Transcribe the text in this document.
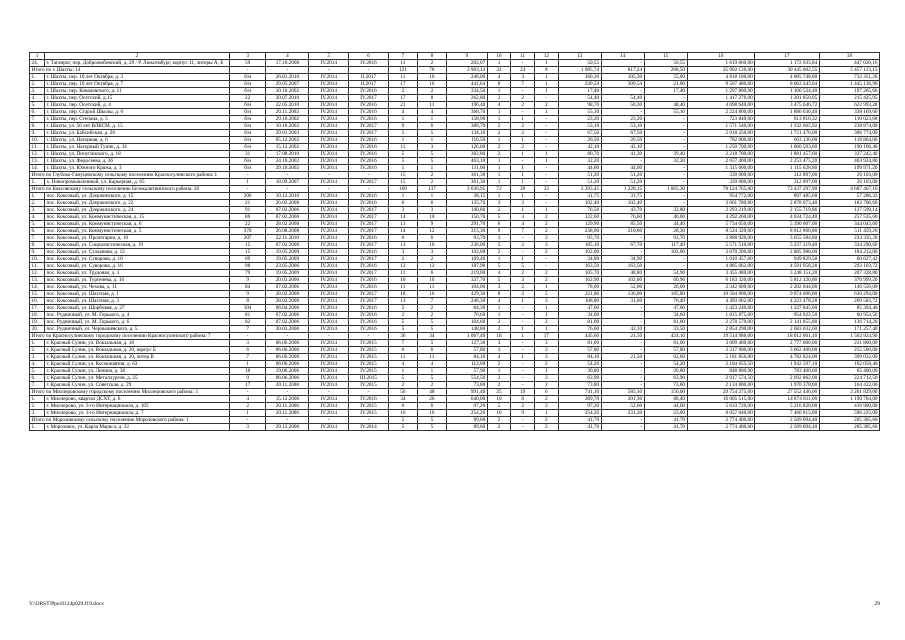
1	2	3	4	5	6	7	8	9	10	11	12	13	14	15	16	17	18
24.	г. Таганрог, пер. Добролюбовский, д. 29 / Р. Люксембург, корпус 11, литеры А, Б	59	17.10.2008	IV.2014	IV.2016	11	2	202,07	1	-	1	50,55	-	50,55	1 619 660,00	1 172 633,84	447 026,16
Итого по г. Шахты: 14		-	-	-	-	121	78	3 903,14	32	24	8	1 085,74	817,24	268,50	35 902 126,00	30 445 002,55	5 457 123,15
1.	г. Шахты, пер. 10 лет Октября, д. 3	б/н	26.01.2010	IV.2014	II.2017	11	10	246,00	4	3	1	160,30	105,30	55,00	4 818 100,00	4 085 748,80	732 351,20
2.	г. Шахты, пер. 10 лет Октября, д. 7	б/н	29.05.2007	IV.2014	II.2017	17	16	441,64	8	7	1	330,54	309,54	21,00	9 507 480,00	8 062 343,04	1 445 136,96
3.	г. Шахты, пер. Ковалевского, д. 11	б/н	10.10.2002	IV.2014	IV.2016	2	2	334,50	1	-	1	17,40	-	17,40	1 297 800,00	1 100 534,40	197 265,60
4.	г. Шахты, пер. Осетский, д.15	22	20.07.2010	IV.2014	IV.2017	17	8	262,80	2	2	-	54,40	54,40	-	1 417 276,00	1 201 850,05	215 425,95
5.	г. Шахты, пер. Осетский, д. 4	б/н	22.05.2010	IV.2014	IV.2016	21	11	196,40	4	2	2	98,70	50,30	48,40	4 098 640,00	3 475 646,72	622 993,28
6.	г. Шахты, пер. Старой Школы, д. 6	б/н	20.11.2002	IV.2014	IV.2016	4	4	368,70	1	-	1	55,10	-	55,10	2 224 800,00	1 886 630,40	338 169,60
7.	г. Шахты, пер. Степана, д. 5	б/н	29.10.2002	IV.2014	IV.2016	1	1	158,90	1	1	-	23,20	23,20	-	723 840,00	613 816,32	110 023,68
8.	г. Шахты, ул. 50 лет ВЛКСМ, д. 15	б/н	10.10.2002	IV.2014	IV.2017	9	6	388,70	2	2	-	53,10	53,10	-	1 571 540,00	1 332 665,92	238 874,08
9.	г. Шахты, ул. Байсийская, д. 28	б/н	29.01.2003	IV.2014	IV.2017	5	5	134,10	2	2	-	67,50	67,50	-	2 018 250,00	1 711 476,00	306 774,00
10.	г. Шахты, ул. Нагорная, д. 6	б/н	05.12.2002	IV.2014	IV.2016	1	1	110,50	1	1	-	26,50	26,50	-	782 000,00	663 136,00	118 864,00
11.	г. Шахты, ул. Нагорный Тупик, д. 34	б/н	15.12.2002	IV.2014	IV.2016	11	3	126,00	2	2	-	42,10	42,10	-	1 250 700,00	1 060 593,60	190 106,40
12.	г. Шахты, ул. Пичугинского, д. 18	31	17.08.2010	IV.2014	IV.2016	5	5	382,80	2	1	1	80,70	41,30	39,40	2 218 700,00	1 881 457,60	337 242,40
13.	г. Шахты, ул. Федосеева, д. 36	б/н	24.10.2002	IV.2014	IV.2016	5	5	463,10	1	-	1	32,20	-	32,20	2 657 400,00	2 253 475,20	403 924,80
14.	г. Шахты, ул. Южного Кряжа, д. 3	б/н	29.10.2002	IV.2014	IV.2016	1	1	111,00	1	1	-	44,00	44,00	-	1 315 600,00	1 115 628,80	199 971,20
Итого по Глубоко-Гамуцевскому сельскому поселению Красносулинского района: 1		-	-	-	-	15	2	361,30	1	1	-	51,20	51,20	-	339 000,00	312 897,00	26 103,00
1.	х. Новопромышленный, ул. Карьерная, д. 65	1	18.09.2007	IV.2014	IV.2017	15	2	361,30	1	1	-	51,20	51,20	-	339 000,00	312 897,00	26 103,00
Итого по Коксовскому сельскому поселению Белокалитвинского района: 20		-	-	-	-	169	137	3 636,95	72	39	33	2 293,45	1 228,15	1 065,30	78 124 765,00	73 437 297,90	4 687 467,10
1.	пос. Коксовый, ул. Дзержинского, д. 15	206	10.12.2010	IV.2014	IV.2016	1	1	38,15	1	1	-	31,75	31,75	-	954 772,00	897 485,68	57 286,32
2.	пос. Коксовый, ул. Дзержинского, д. 22	21	26.02.2008	IV.2014	IV.2016	6	6	135,70	3	3	-	102,40	102,40	-	3 061 780,00	2 878 073,40	183 706,60
3.	пос. Коксовый, ул. Дзержинского, д. 24	91	07.02.2006	IV.2014	IV.2017	3	3	140,80	2	1	1	76,50	43,70	32,80	2 293 219,00	2 155 719,86	137 599,14
4.	пос. Коксовый, ул. Коммунистическая, д. 15	86	07.02.2006	IV.2014	IV.2017	14	10	150,70	5	3	2	122,60	76,60	46,00	4 292 260,00	4 034 724,40	257 535,60
5.	пос. Коксовый, ул. Коммунистическая, д. 6	22	28.02.2008	IV.2014	IV.2017	13	9	291,70	6	4	2	129,90	85,50	44,40	5 734 050,00	5 390 007,00	344 043,00
6.	пос. Коксовый, ул. Коммунистическая, д. 5	370	26.08.2008	IV.2014	IV.2017	14	12	315,30	9	7	2	238,90	210,60	28,30	8 524 320,00	8 012 860,80	511 459,20
7.	пос. Коксовый, ул. Пролетарки, д. 10	207	22.11.2010	IV.2014	IV.2016	6	6	93,70	3	-	3	93,70	-	93,70	3 888 920,00	3 655 584,80	233 335,20
8.	пос. Коксовый, ул. Социалистическая, д. 19	15	07.02.2006	IV.2014	IV.2017	13	10	236,00	5	2	3	185,10	67,70	117,40	5 571 510,00	5 237 219,40	334 290,60
9.	пос. Коксовый, ул. Стаханова, д. 12	15	19.05.2009	IV.2014	IV.2016	3	3	102,00	2	-	2	102,00	-	102,00	3 070 200,00	2 885 988,00	184 212,00
10.	пос. Коксовый, ул. Суворова, д. 10	69	19.05.2009	IV.2014	IV.2017	2	2	169,40	1	1	-	34,90	34,90	-	1 010 457,00	949 829,58	60 627,42
11.	пос. Коксовый, ул. Суворова, д. 16	98	23.05.2006	IV.2014	IV.2016	12	12	187,90	5	5	-	163,50	163,50	-	4 885 062,00	4 591 958,28	293 103,72
12.	пос. Коксовый, ул. Трудовая, д. 1	79	19.05.2009	IV.2014	IV.2017	11	6	219,00	4	2	2	105,70	48,80	54,90	3 455 480,00	3 248 151,20	207 328,80
13.	пос. Коксовый, ул. Тургенева, д. 16	9	20.03.2006	IV.2014	IV.2016	10	10	327,70	5	3	2	162,90	102,00	60,90	6 183 320,00	5 812 320,80	370 999,20
14.	пос. Коксовый, ул. Чехова, д. 11	84	07.02.2006	IV.2014	IV.2016	11	11	104,00	3	2	1	78,00	52,00	26,00	2 342 600,00	2 202 044,00	140 556,00
15.	пос. Коксовый, ул. Шахтная, д. 1	9	28.02.2008	IV.2014	IV.2017	18	16	429,30	8	3	5	321,80	136,00	185,80	10 504 900,00	9 874 606,00	630 294,00
16.	пос. Коксовый, ул. Шахтная, д. 3	8	28.02.2008	IV.2014	IV.2017	13	7	246,30	4	1	3	108,80	31,60	76,40	4 493 062,00	4 223 478,28	269 583,72
17.	пос. Коксовый, ул. Щорбовая, д. 27	104	06.04.2006	IV.2014	IV.2016	2	2	84,30	1	-	1	47,60	-	47,60	1 423 240,00	1 337 845,60	85 394,40
18.	пос. Рудничный, ул. М. Горького, д. 4	81	07.02.2006	IV.2014	IV.2016	2	2	76,60	1	-	1	34,60	-	34,60	1 015 875,00	954 922,50	60 952,50
19.	пос. Рудничный, ул. М. Горького, д. 6	82	07.02.2006	IV.2014	IV.2016	5	5	104,60	2	-	2	81,00	-	81,00	2 278 570,00	2 141 855,80	136 714,20
20.	пос. Рудничный, ул. Чернышевского, д. 5	7	20.03.2006	IV.2014	IV.2016	5	5	148,80	2	1	1	76,60	43,10	33,50	2 854 290,00	2 683 032,60	171 257,40
Итого по Красносулинскому городскому поселению Красносулинского района: 7		-	-	-	-	36	34	1 067,40	18	1	17	445,60	21,50	424,10	19 514 986,00	18 012 061,10	1 502 924,90
1.	г. Красный Сулин, ул. Вокзальная, д. 18	3	06.06.2006	IV.2014	IV.2015	7	5	127,30	3	-	3	81,00	-	81,00	3 009 400,00	2 777 600,00	231 800,00
2.	г. Красный Сулин, ул. Вокзальная, д. 20, корпус Б	6	06.06.2006	IV.2014	IV.2015	6	6	57,80	3	-	3	57,80	-	57,80	3 317 900,00	3 062 400,00	255 500,00
3.	г. Красный Сулин, ул. Вокзальная, д. 20, литер В	7	06.06.2006	IV.2014	IV.2015	11	11	84,10	4	1	3	84,10	21,50	62,60	5 181 856,00	4 782 824,00	399 032,00
4.	г. Красный Сулин, ул. Космонавтов, д. 63	1	06.06.2006	IV.2014	IV.2015	4	4	112,00	2	-	2	54,20	-	54,20	2 104 655,50	1 942 597,10	162 058,40
5.	г. Красный Сулин, ул. Ленина, д. 36	18	19.06.2006	IV.2014	IV.2015	1	1	57,90	1	-	1	30,80	-	30,80	848 800,00	783 400,00	65 400,00
6.	г. Красный Сулин, ул. Металлургов, д. 25	9	06.06.2006	IV.2014	III.2015	5	5	554,50	3	-	3	63,90	-	63,90	2 917 574,50	2 692 862,00	224 712,50
7.	г. Красный Сулин, ул. Советская, д. 29	17	20.11.2008	IV.2014	IV.2015	2	2	73,80	2	-	2	73,80	-	73,80	2 134 800,00	1 970 378,00	164 422,00
Итого по Миллеровскому городскому поселению Миллеровского района: 3		-	-	-	-	56	48	991,40	25	19	6	741,10	585,10	156,00	29 754 275,00	27 552 446,00	2 201 829,00
1.	г. Миллерово, квартал ДСХТ, д. 6	4	15.12.2006	IV.2014	IV.2016	34	26	640,00	10	8	2	389,70	301,30	88,40	16 065 515,00	14 874 811,00	1 190 704,00
2.	г. Миллерово, ул. 3-го Интернационала, д. 105	2	20.11.2006	IV.2014	IV.2015	6	6	97,20	5	2	3	97,20	52,60	44,60	5 633 720,00	5 216 820,00	416 900,00
3.	г. Миллерово, ул. 3-го Интернационала, д. 7	1	20.11.2006	IV.2014	IV.2015	16	16	254,20	10	9	1	254,20	231,20	23,00	8 057 040,00	7 460 815,00	596 225,00
Итого по Морозовскому сельскому поселению Морозовского района: 1		-	-	-	-	5	5	89,60	2	-	2	41,70	-	41,70	2 774 400,00	2 569 094,40	205 305,60
1.	г. Морозовск, ул. Карла Маркса, д. 32	3	29.12.2006	IV.2014	IV.2014	5	5	89,60	2	-	2	41,70	-	41,70	2 774 400,00	2 569 094,40	205 305,60
Y:\ORST\Ppo\0124p029.f19.docx	29
